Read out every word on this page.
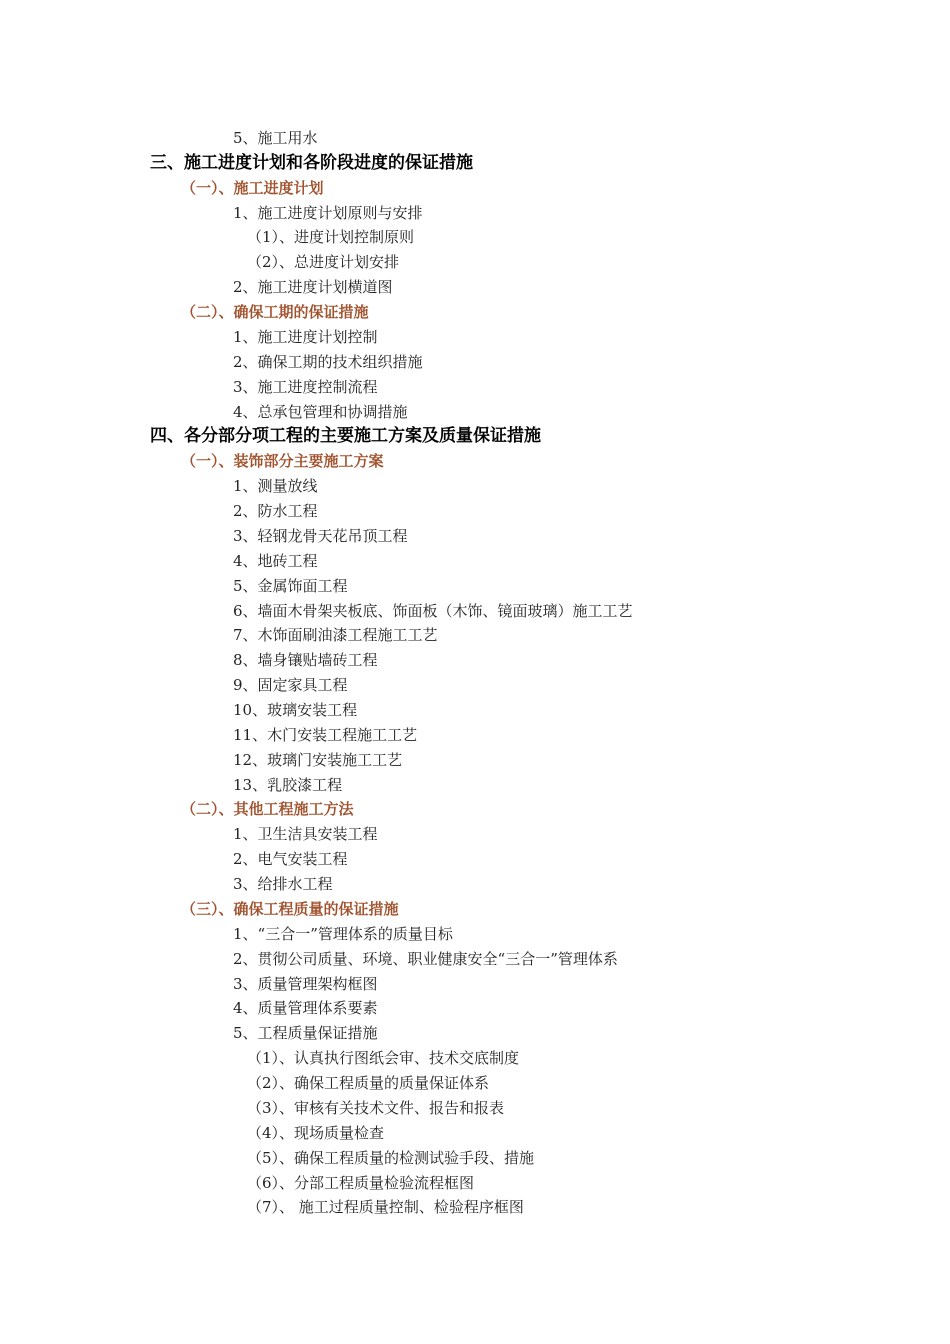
5、施工用水
三、施工进度计划和各阶段进度的保证措施
（一）、施工进度计划
1、施工进度计划原则与安排
（1）、进度计划控制原则
（2）、总进度计划安排
2、施工进度计划横道图
（二）、确保工期的保证措施
1、施工进度计划控制
2、确保工期的技术组织措施
3、施工进度控制流程
4、总承包管理和协调措施
四、各分部分项工程的主要施工方案及质量保证措施
（一）、装饰部分主要施工方案
1、测量放线
2、防水工程
3、轻钢龙骨天花吊顶工程
4、地砖工程
5、金属饰面工程
6、墙面木骨架夹板底、饰面板（木饰、镜面玻璃）施工工艺
7、木饰面刷油漆工程施工工艺
8、墙身镶贴墙砖工程
9、固定家具工程
10、玻璃安装工程
11、木门安装工程施工工艺
12、玻璃门安装施工工艺
13、乳胶漆工程
（二）、其他工程施工方法
1、卫生洁具安装工程
2、电气安装工程
3、给排水工程
（三）、确保工程质量的保证措施
1、“三合一”管理体系的质量目标
2、贯彻公司质量、环境、职业健康安全“三合一”管理体系
3、质量管理架构框图
4、质量管理体系要素
5、工程质量保证措施
（1）、认真执行图纸会审、技术交底制度
（2）、确保工程质量的质量保证体系
（3）、审核有关技术文件、报告和报表
（4）、现场质量检查
（5）、确保工程质量的检测试验手段、措施
（6）、分部工程质量检验流程框图
（7）、 施工过程质量控制、检验程序框图
